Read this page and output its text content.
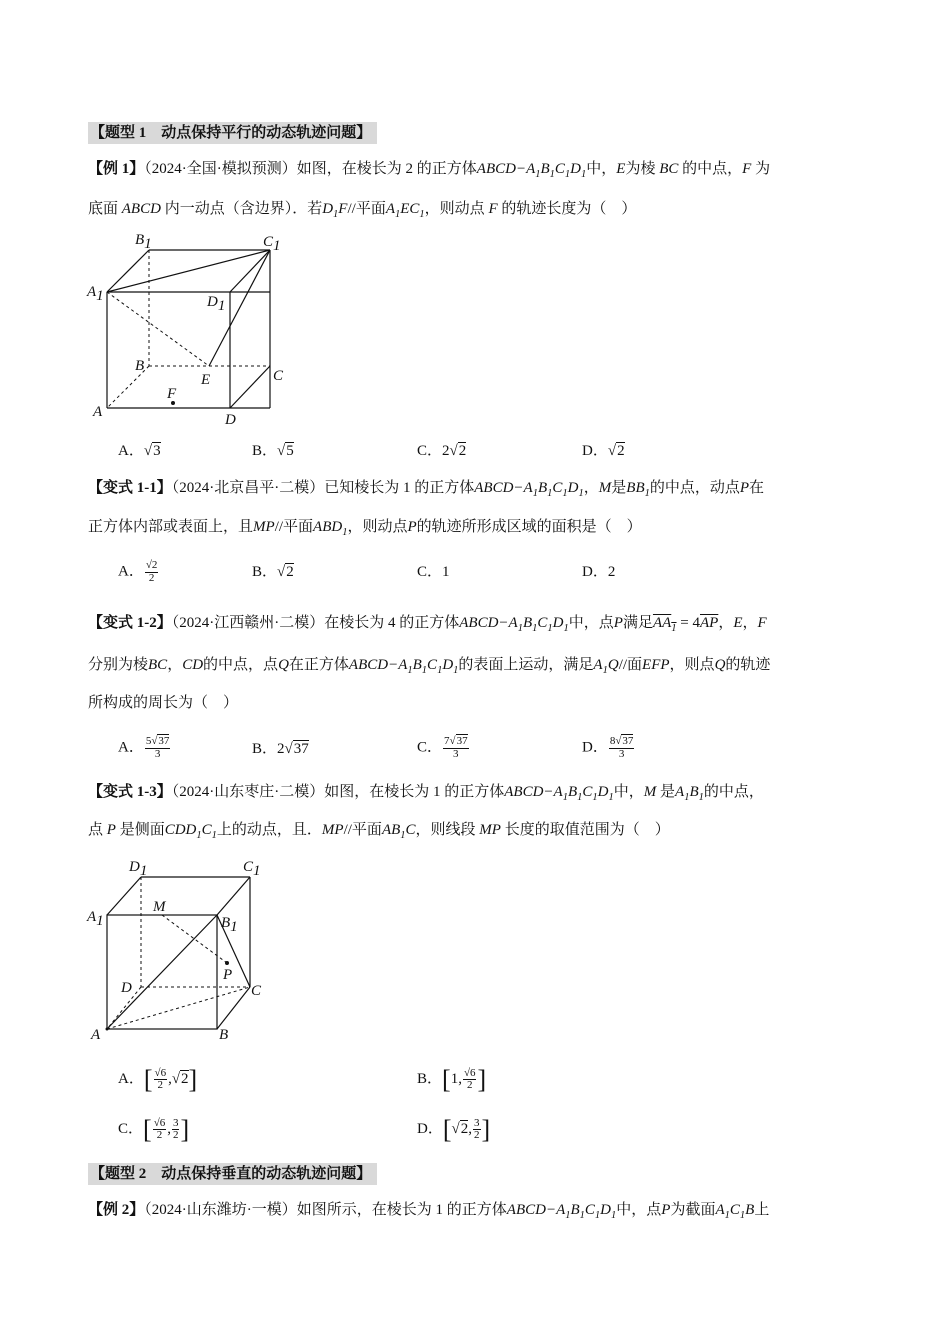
【题型 1　动点保持平行的动态轨迹问题】
【例 1】（2024·全国·模拟预测）如图，在棱长为 2 的正方体$ABCD-A_1B_1C_1D_1$中，E为棱 BC 的中点，F 为
底面 ABCD 内一动点（含边界）．若$D_1F//$平面$A_1EC_1$，则动点 F 的轨迹长度为（　）
B1	C1
A1	D1
B
E	C
A
F
D
A．√3	B．√5	C．2√2	D．√2
【变式 1-1】（2024·北京昌平·二模）已知棱长为 1 的正方体$ABCD-A_1B_1C_1D_1$，M是$BB_1$的中点，动点P在
正方体内部或表面上，且MP//平面$ABD_1$，则动点P的轨迹所形成区域的面积是（　）
A． $\frac{√2}{2}$	B．√2	C．1	D．2
【变式 1-2】（2024·江西赣州·二模）在棱长为 4 的正方体$ABCD-A_1B_1C_1D_1$中，点P满足$AA_1 = 4\overline{AP}$，E，F
分别为棱BC，CD的中点，点Q在正方体$ABCD-A_1B_1C_1D_1$的表面上运动，满足$A_1Q//$面EFP，则点Q的轨迹
所构成的周长为（　）
A． $\frac{5√37}{3}$	B．2√37	C． $\frac{7√37}{3}$	D． $\frac{8√37}{3}$
【变式 1-3】（2024·山东枣庄·二模）如图，在棱长为 1 的正方体$ABCD-A_1B_1C_1D_1$中，M 是$A_1B_1$的中点，
点 P 是侧面$CDD_1C_1$上的动点，且．MP//平面$AB_1C$，则线段 MP 长度的取值范围为（　）
D1	C1
A1
M
B1
P
D	C
A	B
A．[ $\frac{√6}{2} ,√2$]	B．[1, $\frac{√6}{2}$ ]
C．[ $\frac{√6}{2}$ , $\frac{3}{2}$ ]	D．[√2, $\frac{3}{2}$ ]
【题型 2　动点保持垂直的动态轨迹问题】
【例 2】（2024·山东潍坊·一模）如图所示，在棱长为 1 的正方体$ABCD-A_1B_1C_1D_1$中，点P为截面$A_1C_1B$上
